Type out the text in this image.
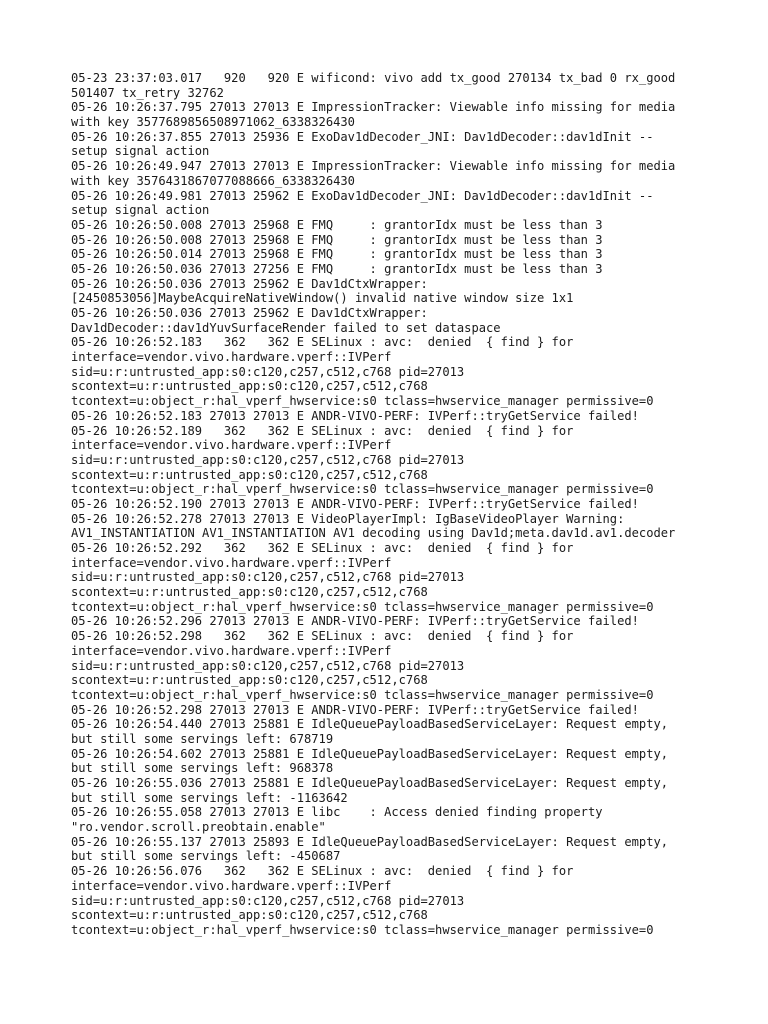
05-23 23:37:03.017   920   920 E wificond: vivo add tx_good 270134 tx_bad 0 rx_good
501407 tx_retry 32762
05-26 10:26:37.795 27013 27013 E ImpressionTracker: Viewable info missing for media
with key 3577689856508971062_6338326430
05-26 10:26:37.855 27013 25936 E ExoDav1dDecoder_JNI: Dav1dDecoder::dav1dInit --
setup signal action
05-26 10:26:49.947 27013 27013 E ImpressionTracker: Viewable info missing for media
with key 3576431867077088666_6338326430
05-26 10:26:49.981 27013 25962 E ExoDav1dDecoder_JNI: Dav1dDecoder::dav1dInit --
setup signal action
05-26 10:26:50.008 27013 25968 E FMQ     : grantorIdx must be less than 3
05-26 10:26:50.008 27013 25968 E FMQ     : grantorIdx must be less than 3
05-26 10:26:50.014 27013 25968 E FMQ     : grantorIdx must be less than 3
05-26 10:26:50.036 27013 27256 E FMQ     : grantorIdx must be less than 3
05-26 10:26:50.036 27013 25962 E Dav1dCtxWrapper:
[2450853056]MaybeAcquireNativeWindow() invalid native window size 1x1
05-26 10:26:50.036 27013 25962 E Dav1dCtxWrapper:
Dav1dDecoder::dav1dYuvSurfaceRender failed to set dataspace
05-26 10:26:52.183   362   362 E SELinux : avc:  denied  { find } for
interface=vendor.vivo.hardware.vperf::IVPerf
sid=u:r:untrusted_app:s0:c120,c257,c512,c768 pid=27013
scontext=u:r:untrusted_app:s0:c120,c257,c512,c768
tcontext=u:object_r:hal_vperf_hwservice:s0 tclass=hwservice_manager permissive=0
05-26 10:26:52.183 27013 27013 E ANDR-VIVO-PERF: IVPerf::tryGetService failed!
05-26 10:26:52.189   362   362 E SELinux : avc:  denied  { find } for
interface=vendor.vivo.hardware.vperf::IVPerf
sid=u:r:untrusted_app:s0:c120,c257,c512,c768 pid=27013
scontext=u:r:untrusted_app:s0:c120,c257,c512,c768
tcontext=u:object_r:hal_vperf_hwservice:s0 tclass=hwservice_manager permissive=0
05-26 10:26:52.190 27013 27013 E ANDR-VIVO-PERF: IVPerf::tryGetService failed!
05-26 10:26:52.278 27013 27013 E VideoPlayerImpl: IgBaseVideoPlayer Warning:
AV1_INSTANTIATION AV1_INSTANTIATION AV1 decoding using Dav1d;meta.dav1d.av1.decoder
05-26 10:26:52.292   362   362 E SELinux : avc:  denied  { find } for
interface=vendor.vivo.hardware.vperf::IVPerf
sid=u:r:untrusted_app:s0:c120,c257,c512,c768 pid=27013
scontext=u:r:untrusted_app:s0:c120,c257,c512,c768
tcontext=u:object_r:hal_vperf_hwservice:s0 tclass=hwservice_manager permissive=0
05-26 10:26:52.296 27013 27013 E ANDR-VIVO-PERF: IVPerf::tryGetService failed!
05-26 10:26:52.298   362   362 E SELinux : avc:  denied  { find } for
interface=vendor.vivo.hardware.vperf::IVPerf
sid=u:r:untrusted_app:s0:c120,c257,c512,c768 pid=27013
scontext=u:r:untrusted_app:s0:c120,c257,c512,c768
tcontext=u:object_r:hal_vperf_hwservice:s0 tclass=hwservice_manager permissive=0
05-26 10:26:52.298 27013 27013 E ANDR-VIVO-PERF: IVPerf::tryGetService failed!
05-26 10:26:54.440 27013 25881 E IdleQueuePayloadBasedServiceLayer: Request empty,
but still some servings left: 678719
05-26 10:26:54.602 27013 25881 E IdleQueuePayloadBasedServiceLayer: Request empty,
but still some servings left: 968378
05-26 10:26:55.036 27013 25881 E IdleQueuePayloadBasedServiceLayer: Request empty,
but still some servings left: -1163642
05-26 10:26:55.058 27013 27013 E libc    : Access denied finding property
"ro.vendor.scroll.preobtain.enable"
05-26 10:26:55.137 27013 25893 E IdleQueuePayloadBasedServiceLayer: Request empty,
but still some servings left: -450687
05-26 10:26:56.076   362   362 E SELinux : avc:  denied  { find } for
interface=vendor.vivo.hardware.vperf::IVPerf
sid=u:r:untrusted_app:s0:c120,c257,c512,c768 pid=27013
scontext=u:r:untrusted_app:s0:c120,c257,c512,c768
tcontext=u:object_r:hal_vperf_hwservice:s0 tclass=hwservice_manager permissive=0
